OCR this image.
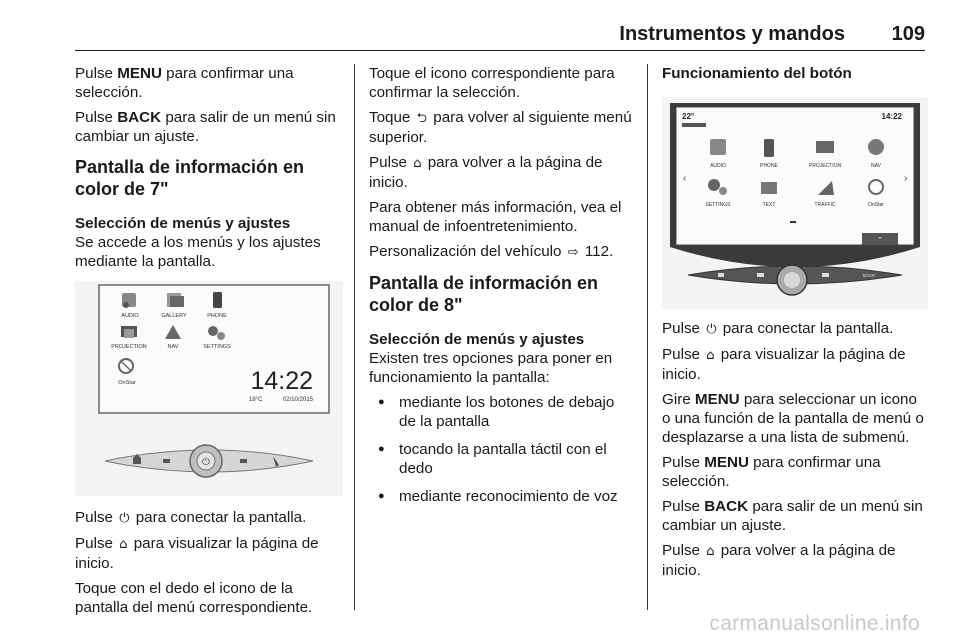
Instrumentos y mandos 109

Pulse MENU para confirmar una selección.

Pulse BACK para salir de un menú sin cambiar un ajuste.

Pantalla de información en color de 7"
Selección de menús y ajustes

Se accede a los menús y los ajustes mediante la pantalla.

AUDIO	GALLERY	PHONE
PROJECTION	NAV	SETTINGS
OnStar	14:22
18°C	02/10/2015
⏻

Pulse ⏻ para conectar la pantalla.

Pulse ⌂ para visualizar la página de inicio.

Toque con el dedo el icono de la pantalla del menú correspondiente.

Toque el icono correspondiente para confirmar la selección.

Toque ⮌ para volver al siguiente menú superior.

Pulse ⌂ para volver a la página de inicio.

Para obtener más información, vea el manual de infoentretenimiento.

Personalización del vehículo ⇨ 112.

Pantalla de información en color de 8"
Selección de menús y ajustes

Existen tres opciones para poner en funcionamiento la pantalla:

● mediante los botones de debajo de la pantalla
● tocando la pantalla táctil con el dedo
● mediante reconocimiento de voz
Funcionamiento del botón
22°	14:22
‹	›
AUDIO	PHONE	PROJECTION	NAV
SETTINGS	TEXT	TRAFFIC	OnStar
⌃
BACK

Pulse ⏻ para conectar la pantalla.

Pulse ⌂ para visualizar la página de inicio.

Gire MENU para seleccionar un icono o una función de la pantalla de menú o desplazarse a una lista de submenú.

Pulse MENU para confirmar una selección.

Pulse BACK para salir de un menú sin cambiar un ajuste.

Pulse ⌂ para volver a la página de inicio.

carmanualsonline.info
